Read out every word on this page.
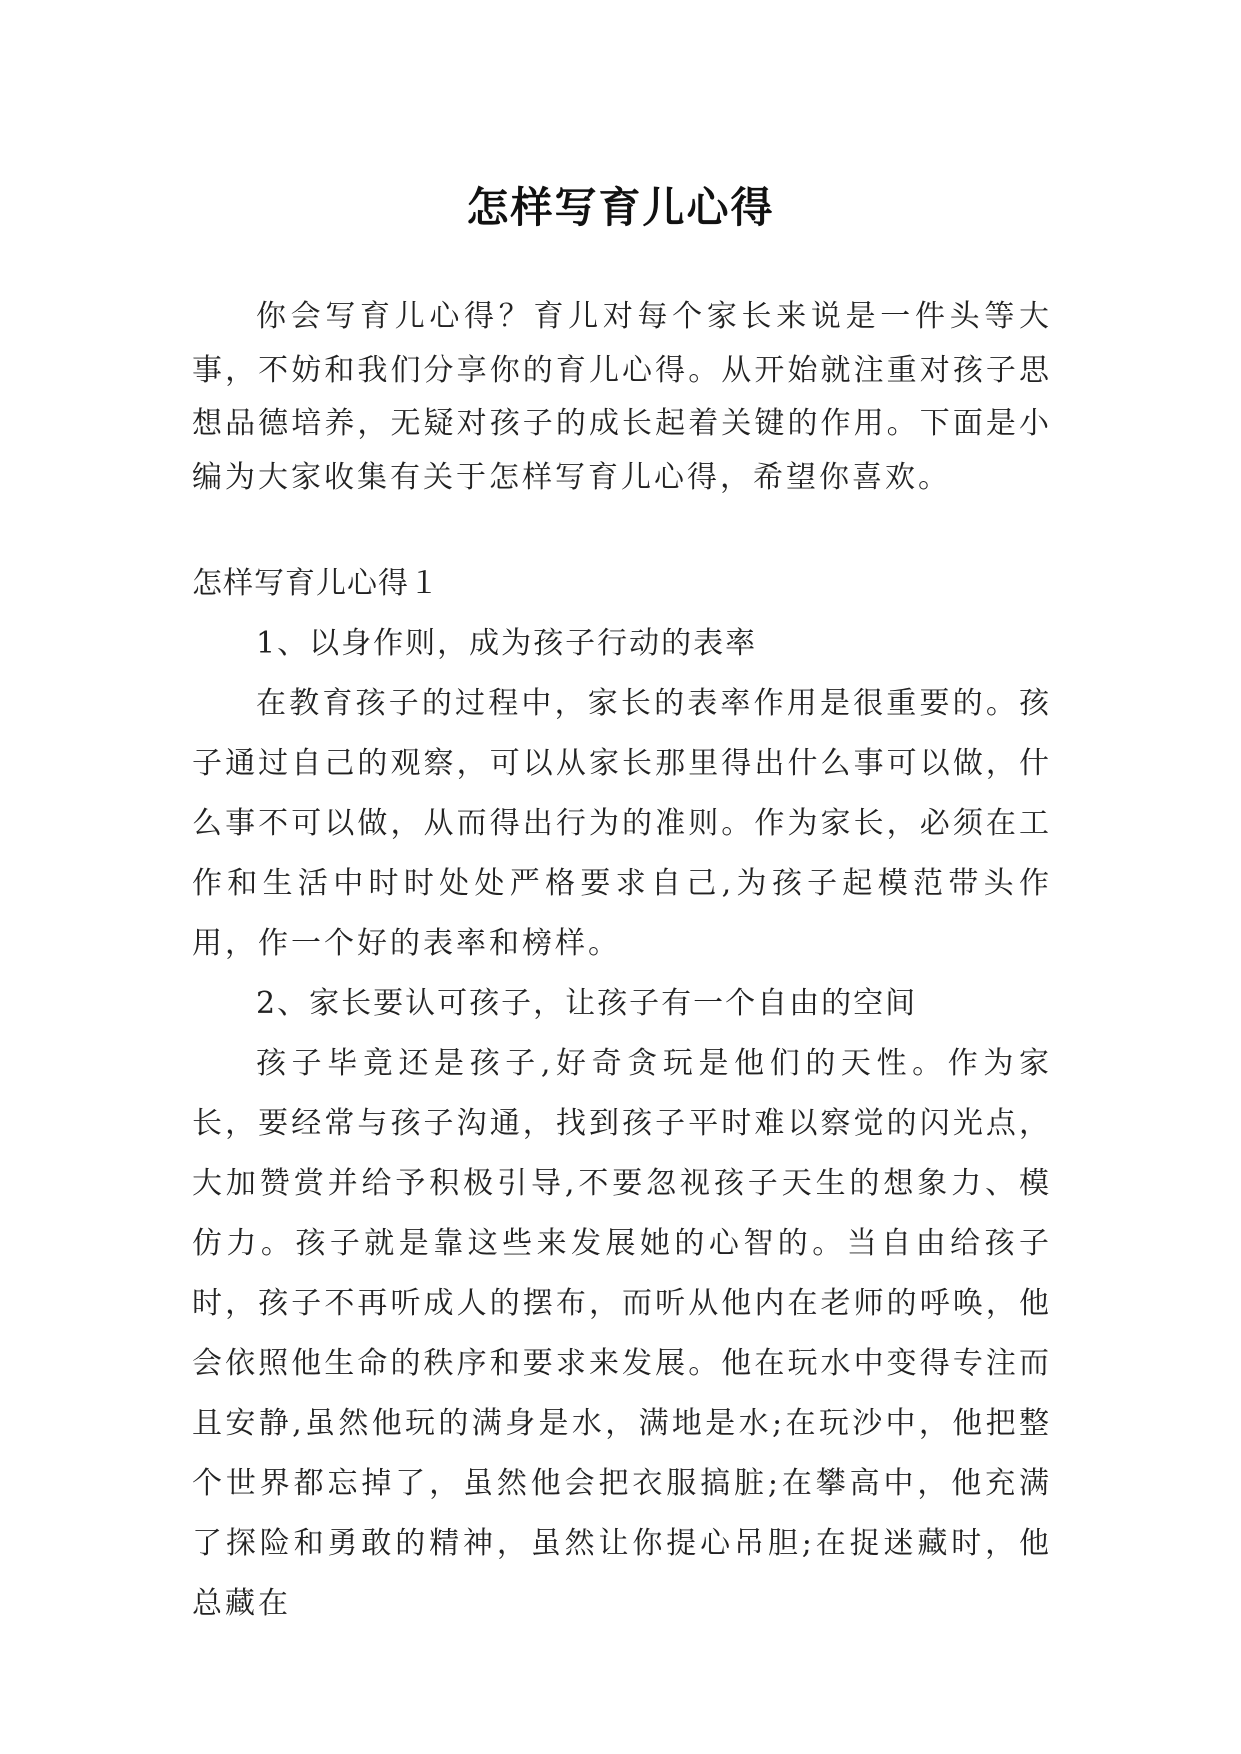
怎样写育儿心得

你会写育儿心得？育儿对每个家长来说是一件头等大事，不妨和我们分享你的育儿心得。从开始就注重对孩子思想品德培养，无疑对孩子的成长起着关键的作用。下面是小编为大家收集有关于怎样写育儿心得，希望你喜欢。

怎样写育儿心得１

1、以身作则，成为孩子行动的表率

在教育孩子的过程中，家长的表率作用是很重要的。孩子通过自己的观察，可以从家长那里得出什么事可以做，什么事不可以做，从而得出行为的准则。作为家长，必须在工作和生活中时时处处严格要求自己,为孩子起模范带头作用，作一个好的表率和榜样。

2、家长要认可孩子，让孩子有一个自由的空间

孩子毕竟还是孩子,好奇贪玩是他们的天性。作为家长，要经常与孩子沟通，找到孩子平时难以察觉的闪光点，大加赞赏并给予积极引导,不要忽视孩子天生的想象力、模仿力。孩子就是靠这些来发展她的心智的。当自由给孩子时，孩子不再听成人的摆布，而听从他内在老师的呼唤，他会依照他生命的秩序和要求来发展。他在玩水中变得专注而且安静,虽然他玩的满身是水，满地是水;在玩沙中，他把整个世界都忘掉了，虽然他会把衣服搞脏;在攀高中，他充满了探险和勇敢的精神，虽然让你提心吊胆;在捉迷藏时，他总藏在
